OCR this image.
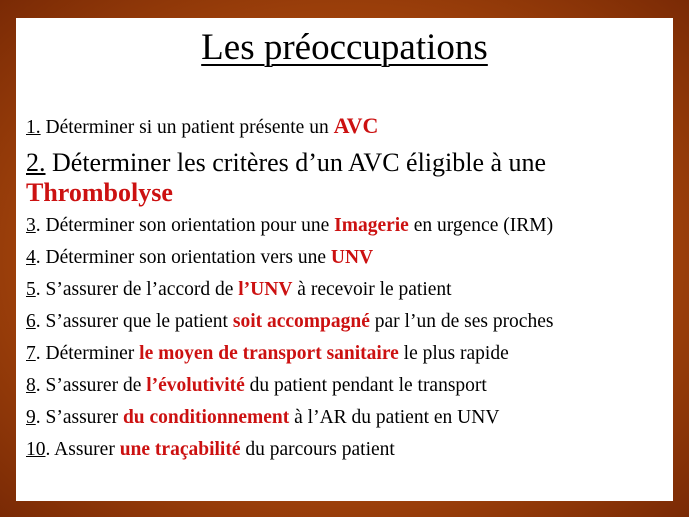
Les préoccupations
1. Déterminer si un patient présente un AVC
2. Déterminer les critères d’un AVC éligible à une Thrombolyse
3. Déterminer son orientation pour une Imagerie en urgence (IRM)
4. Déterminer son orientation vers une UNV
5. S’assurer de l’accord de l’UNV à recevoir le patient
6. S’assurer que le patient soit accompagné par l’un de ses proches
7. Déterminer le moyen de transport sanitaire le plus rapide
8. S’assurer de l’évolutivité du patient pendant le transport
9. S’assurer du conditionnement à l’AR du patient en UNV
10. Assurer une traçabilité du parcours patient
